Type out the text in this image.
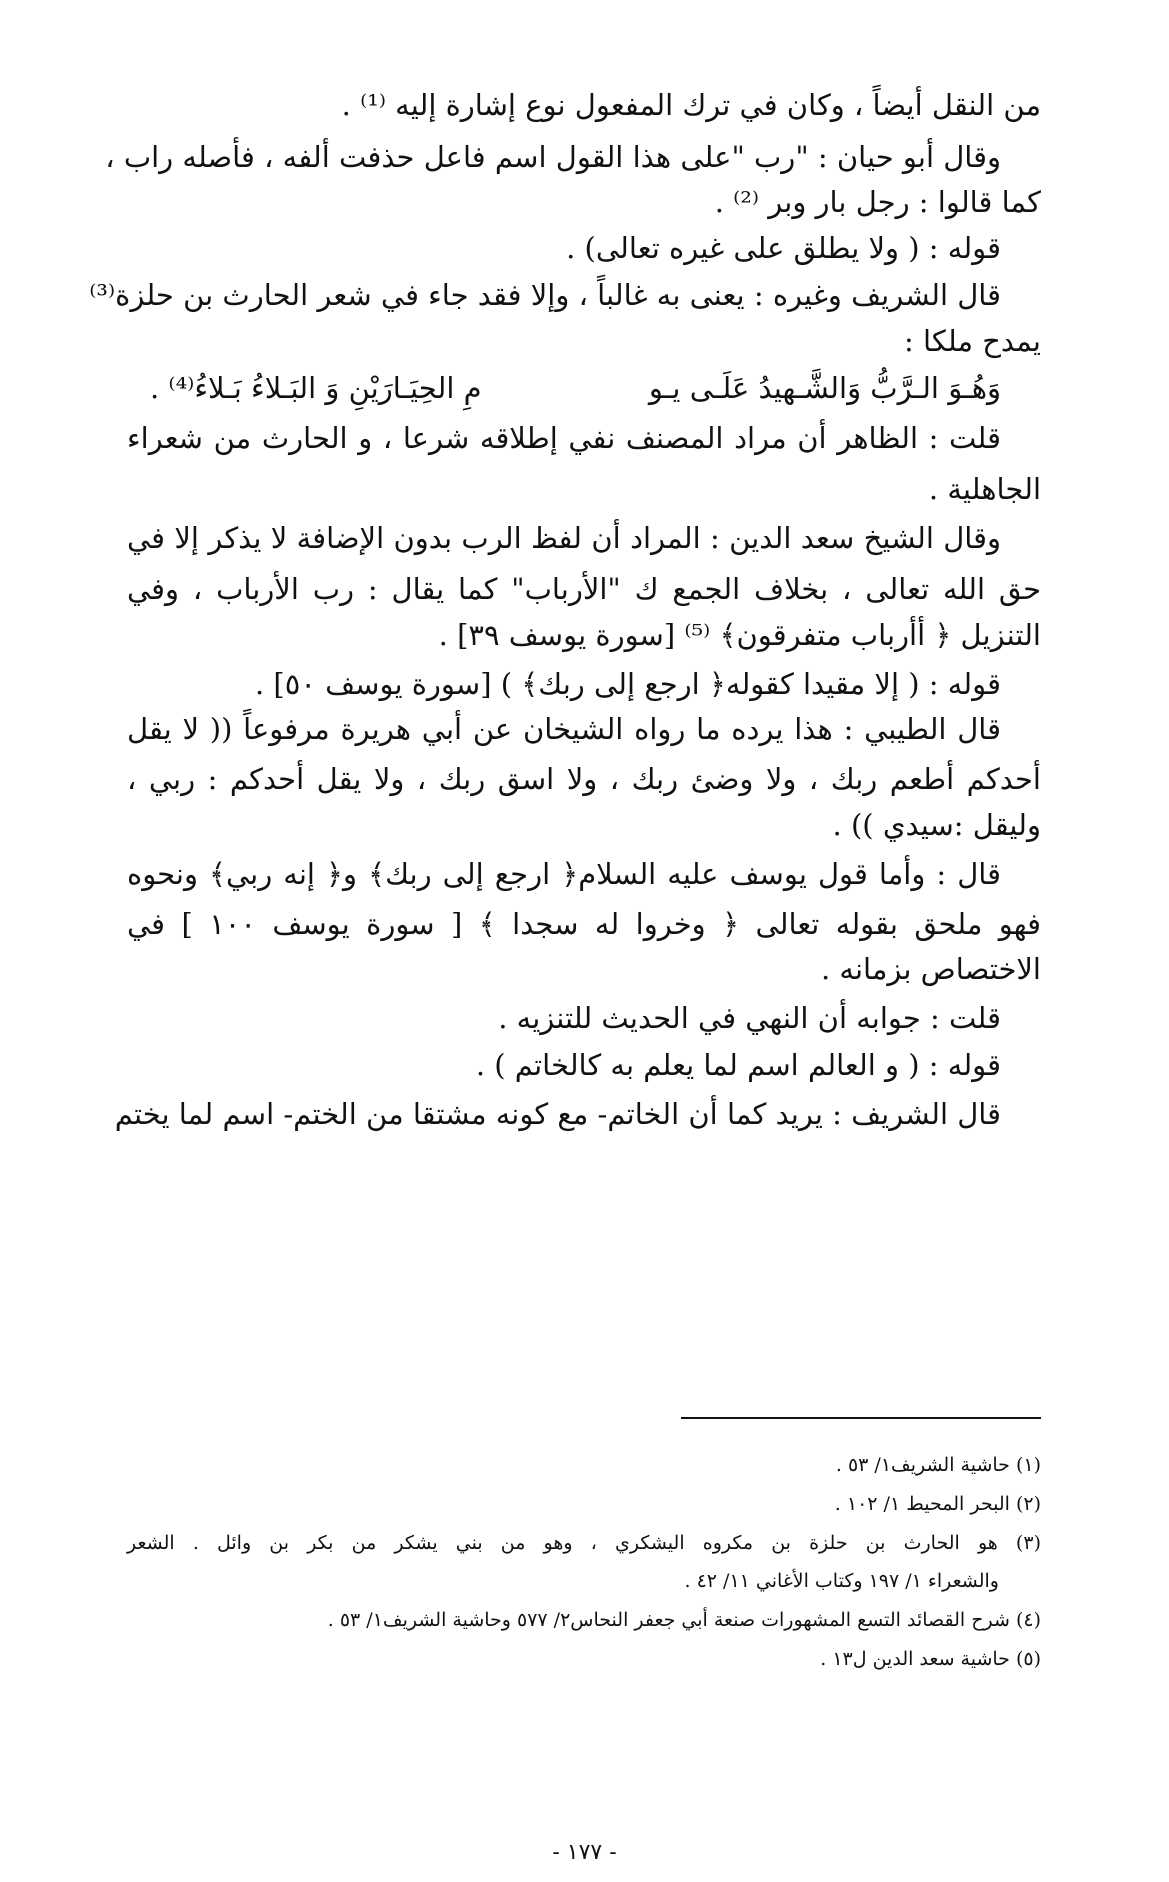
من النقل أيضاً ، وكان في ترك المفعول نوع إشارة إليه ⁽¹⁾ .
وقال أبو حيان : "رب "على هذا القول اسم فاعل حذفت ألفه ، فأصله راب ،
كما قالوا : رجل بار وبر ⁽²⁾ .
قوله : ( ولا يطلق على غيره تعالى) .
قال الشريف وغيره : يعنى به غالباً ، وإلا فقد جاء في شعر الحارث بن حلزة⁽³⁾
يمدح ملكا :
وَهُـوَ الـرَّبُّ وَالشَّـهيدُ عَلَـى يـو
مِ الحِيَـارَيْنِ وَ البَـلاءُ بَـلاءُ⁽⁴⁾ .
قلت : الظاهر أن مراد المصنف نفي إطلاقه شرعا ، و الحارث من شعراء
الجاهلية .
وقال الشيخ سعد الدين : المراد أن لفظ الرب بدون الإضافة لا يذكر إلا في
حق الله تعالى ، بخلاف الجمع ك "الأرباب" كما يقال : رب الأرباب ، وفي
التنزيل ﴿ أأرباب متفرقون﴾ ⁽⁵⁾ [سورة يوسف ٣٩] .
قوله : ( إلا مقيدا كقوله﴿ ارجع إلى ربك﴾ ) [سورة يوسف ٥٠] .
قال الطيبي : هذا يرده ما رواه الشيخان عن أبي هريرة مرفوعاً (( لا يقل
أحدكم أطعم ربك ، ولا وضئ ربك ، ولا اسق ربك ، ولا يقل أحدكم : ربي ،
وليقل :سيدي )) .
قال : وأما قول يوسف عليه السلام﴿ ارجع إلى ربك﴾ و﴿ إنه ربي﴾ ونحوه
فهو ملحق بقوله تعالى ﴿ وخروا له سجدا ﴾ [ سورة يوسف ١٠٠ ] في
الاختصاص بزمانه .
قلت : جوابه أن النهي في الحديث للتنزيه .
قوله : ( و العالم اسم لما يعلم به كالخاتم ) .
قال الشريف : يريد كما أن الخاتم- مع كونه مشتقا من الختم- اسم لما يختم
(١) حاشية الشريف١/ ٥٣ .
(٢) البحر المحيط ١/ ١٠٢ .
(٣) هو الحارث بن حلزة بن مكروه اليشكري ، وهو من بني يشكر من بكر بن وائل . الشعر
والشعراء ١/ ١٩٧ وكتاب الأغاني ١١/ ٤٢ .
(٤) شرح القصائد التسع المشهورات صنعة أبي جعفر النحاس٢/ ٥٧٧ وحاشية الشريف١/ ٥٣ .
(٥) حاشية سعد الدين ل١٣ .
- ١٧٧ -
